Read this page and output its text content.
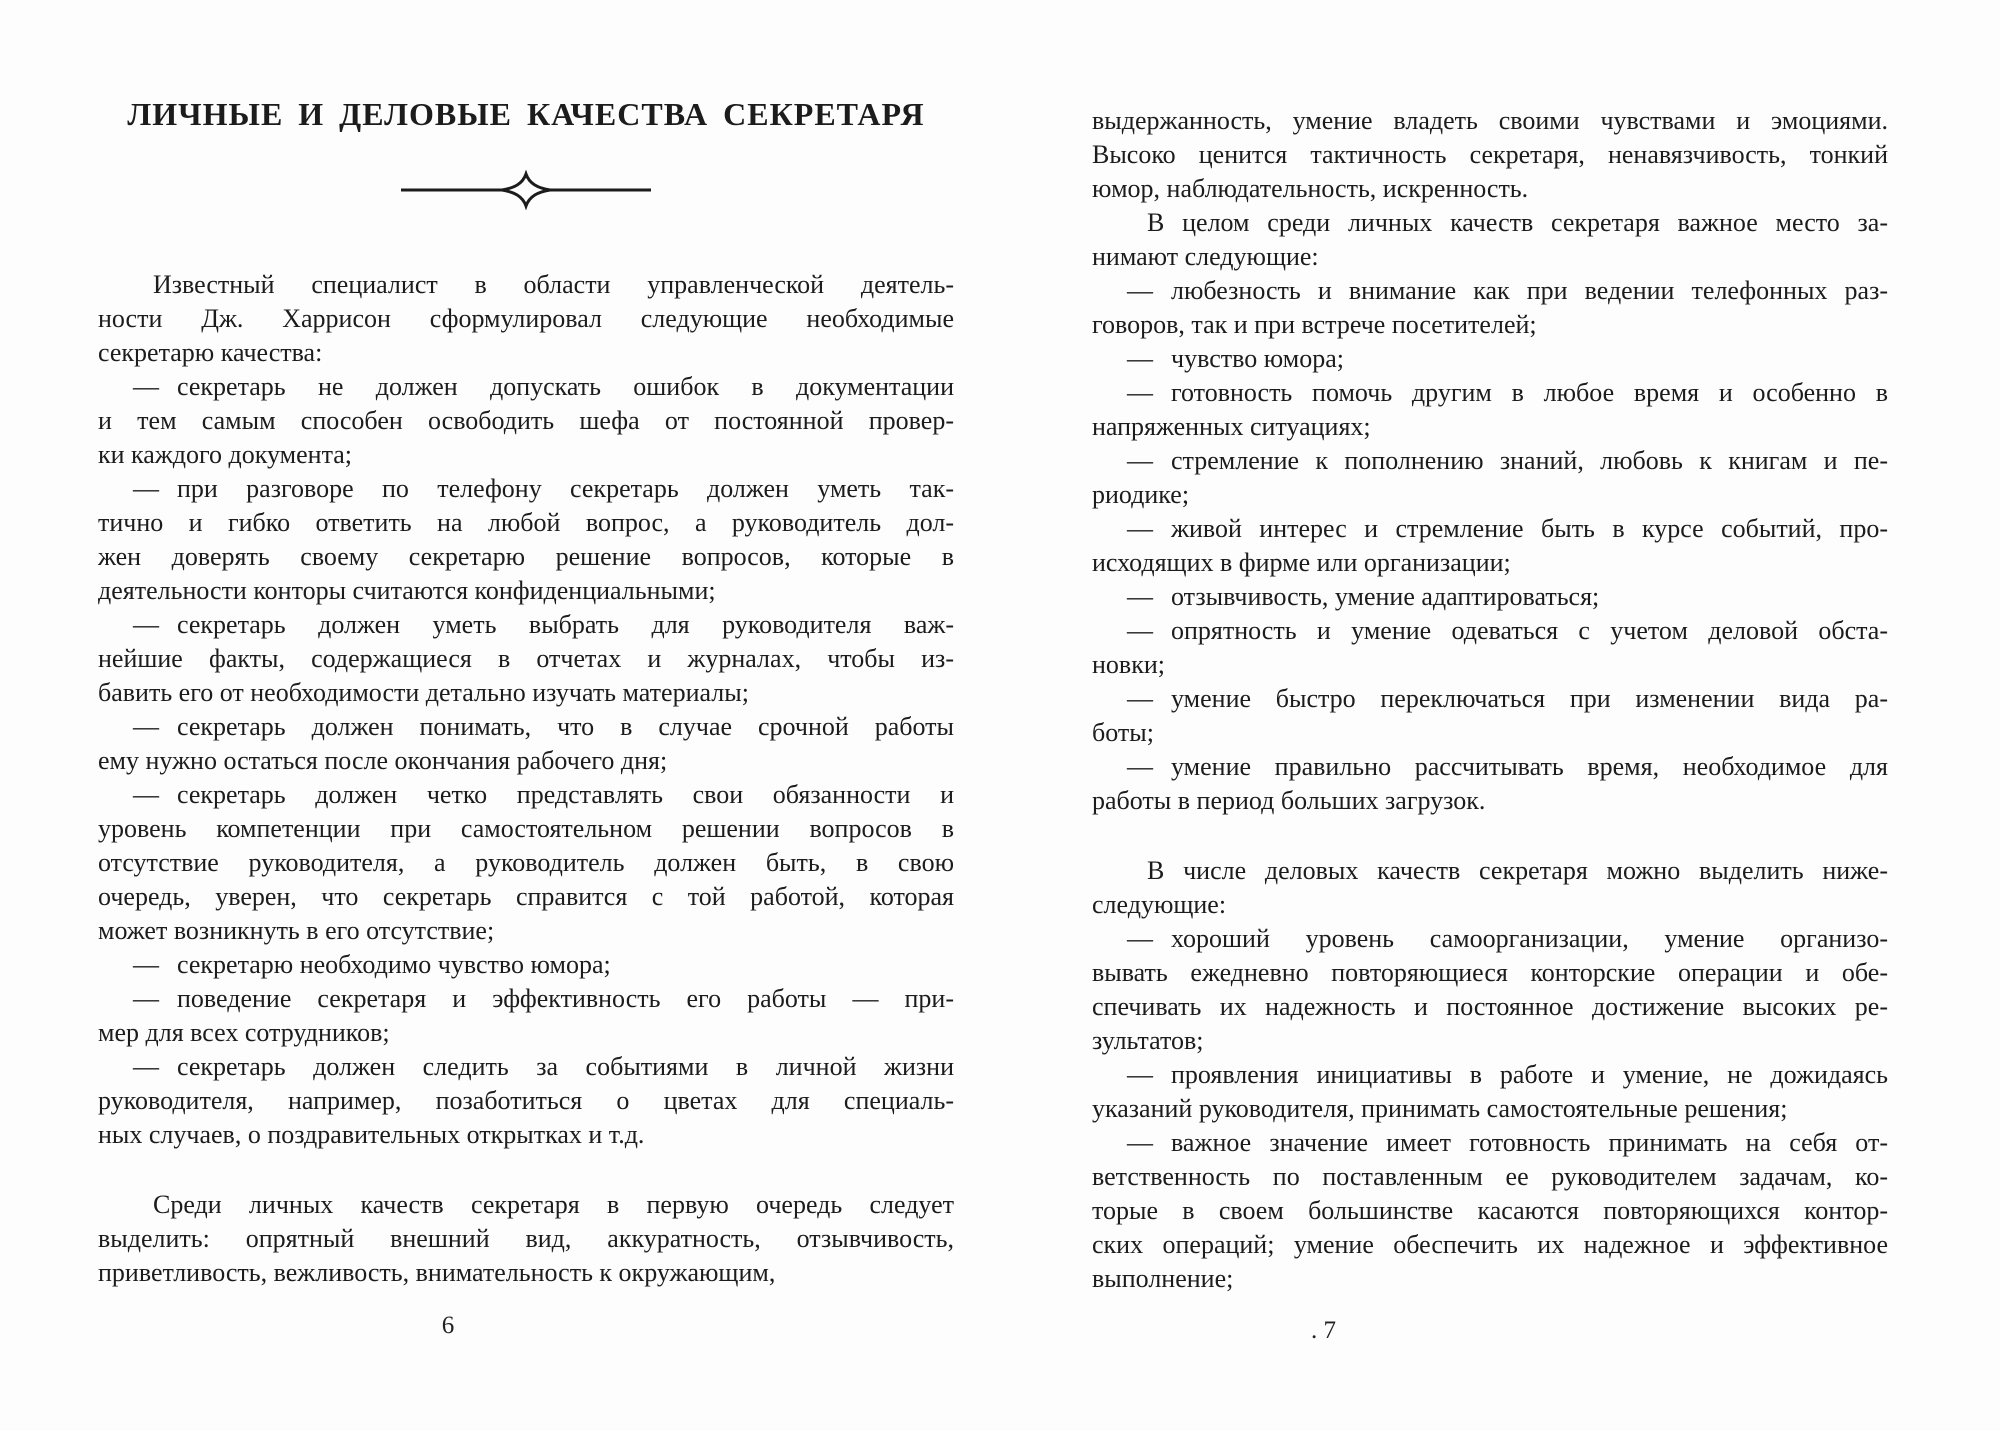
ЛИЧНЫЕ И ДЕЛОВЫЕ КАЧЕСТВА СЕКРЕТАРЯ
Известный специалист в области управленческой деятель-
ности Дж. Харрисон сформулировал следующие необходимые
секретарю качества:
— секретарь не должен допускать ошибок в документации
и тем самым способен освободить шефа от постоянной провер-
ки каждого документа;
— при разговоре по телефону секретарь должен уметь так-
тично и гибко ответить на любой вопрос, а руководитель дол-
жен доверять своему секретарю решение вопросов, которые в
деятельности конторы считаются конфиденциальными;
— секретарь должен уметь выбрать для руководителя важ-
нейшие факты, содержащиеся в отчетах и журналах, чтобы из-
бавить его от необходимости детально изучать материалы;
— секретарь должен понимать, что в случае срочной работы
ему нужно остаться после окончания рабочего дня;
— секретарь должен четко представлять свои обязанности и
уровень компетенции при самостоятельном решении вопросов в
отсутствие руководителя, а руководитель должен быть, в свою
очередь, уверен, что секретарь справится с той работой, которая
может возникнуть в его отсутствие;
— секретарю необходимо чувство юмора;
— поведение секретаря и эффективность его работы — при-
мер для всех сотрудников;
— секретарь должен следить за событиями в личной жизни
руководителя, например, позаботиться о цветах для специаль-
ных случаев, о поздравительных открытках и т.д.
Среди личных качеств секретаря в первую очередь следует
выделить: опрятный внешний вид, аккуратность, отзывчивость,
приветливость, вежливость, внимательность к окружающим,
6
выдержанность, умение владеть своими чувствами и эмоциями.
Высоко ценится тактичность секретаря, ненавязчивость, тонкий
юмор, наблюдательность, искренность.
В целом среди личных качеств секретаря важное место за-
нимают следующие:
— любезность и внимание как при ведении телефонных раз-
говоров, так и при встрече посетителей;
— чувство юмора;
— готовность помочь другим в любое время и особенно в
напряженных ситуациях;
— стремление к пополнению знаний, любовь к книгам и пе-
риодике;
— живой интерес и стремление быть в курсе событий, про-
исходящих в фирме или организации;
— отзывчивость, умение адаптироваться;
— опрятность и умение одеваться с учетом деловой обста-
новки;
— умение быстро переключаться при изменении вида ра-
боты;
— умение правильно рассчитывать время, необходимое для
работы в период больших загрузок.
В числе деловых качеств секретаря можно выделить ниже-
следующие:
— хороший уровень самоорганизации, умение организо-
вывать ежедневно повторяющиеся конторские операции и обе-
спечивать их надежность и постоянное достижение высоких ре-
зультатов;
— проявления инициативы в работе и умение, не дожидаясь
указаний руководителя, принимать самостоятельные решения;
— важное значение имеет готовность принимать на себя от-
ветственность по поставленным ее руководителем задачам, ко-
торые в своем большинстве касаются повторяющихся контор-
ских операций; умение обеспечить их надежное и эффективное
выполнение;
. 7
